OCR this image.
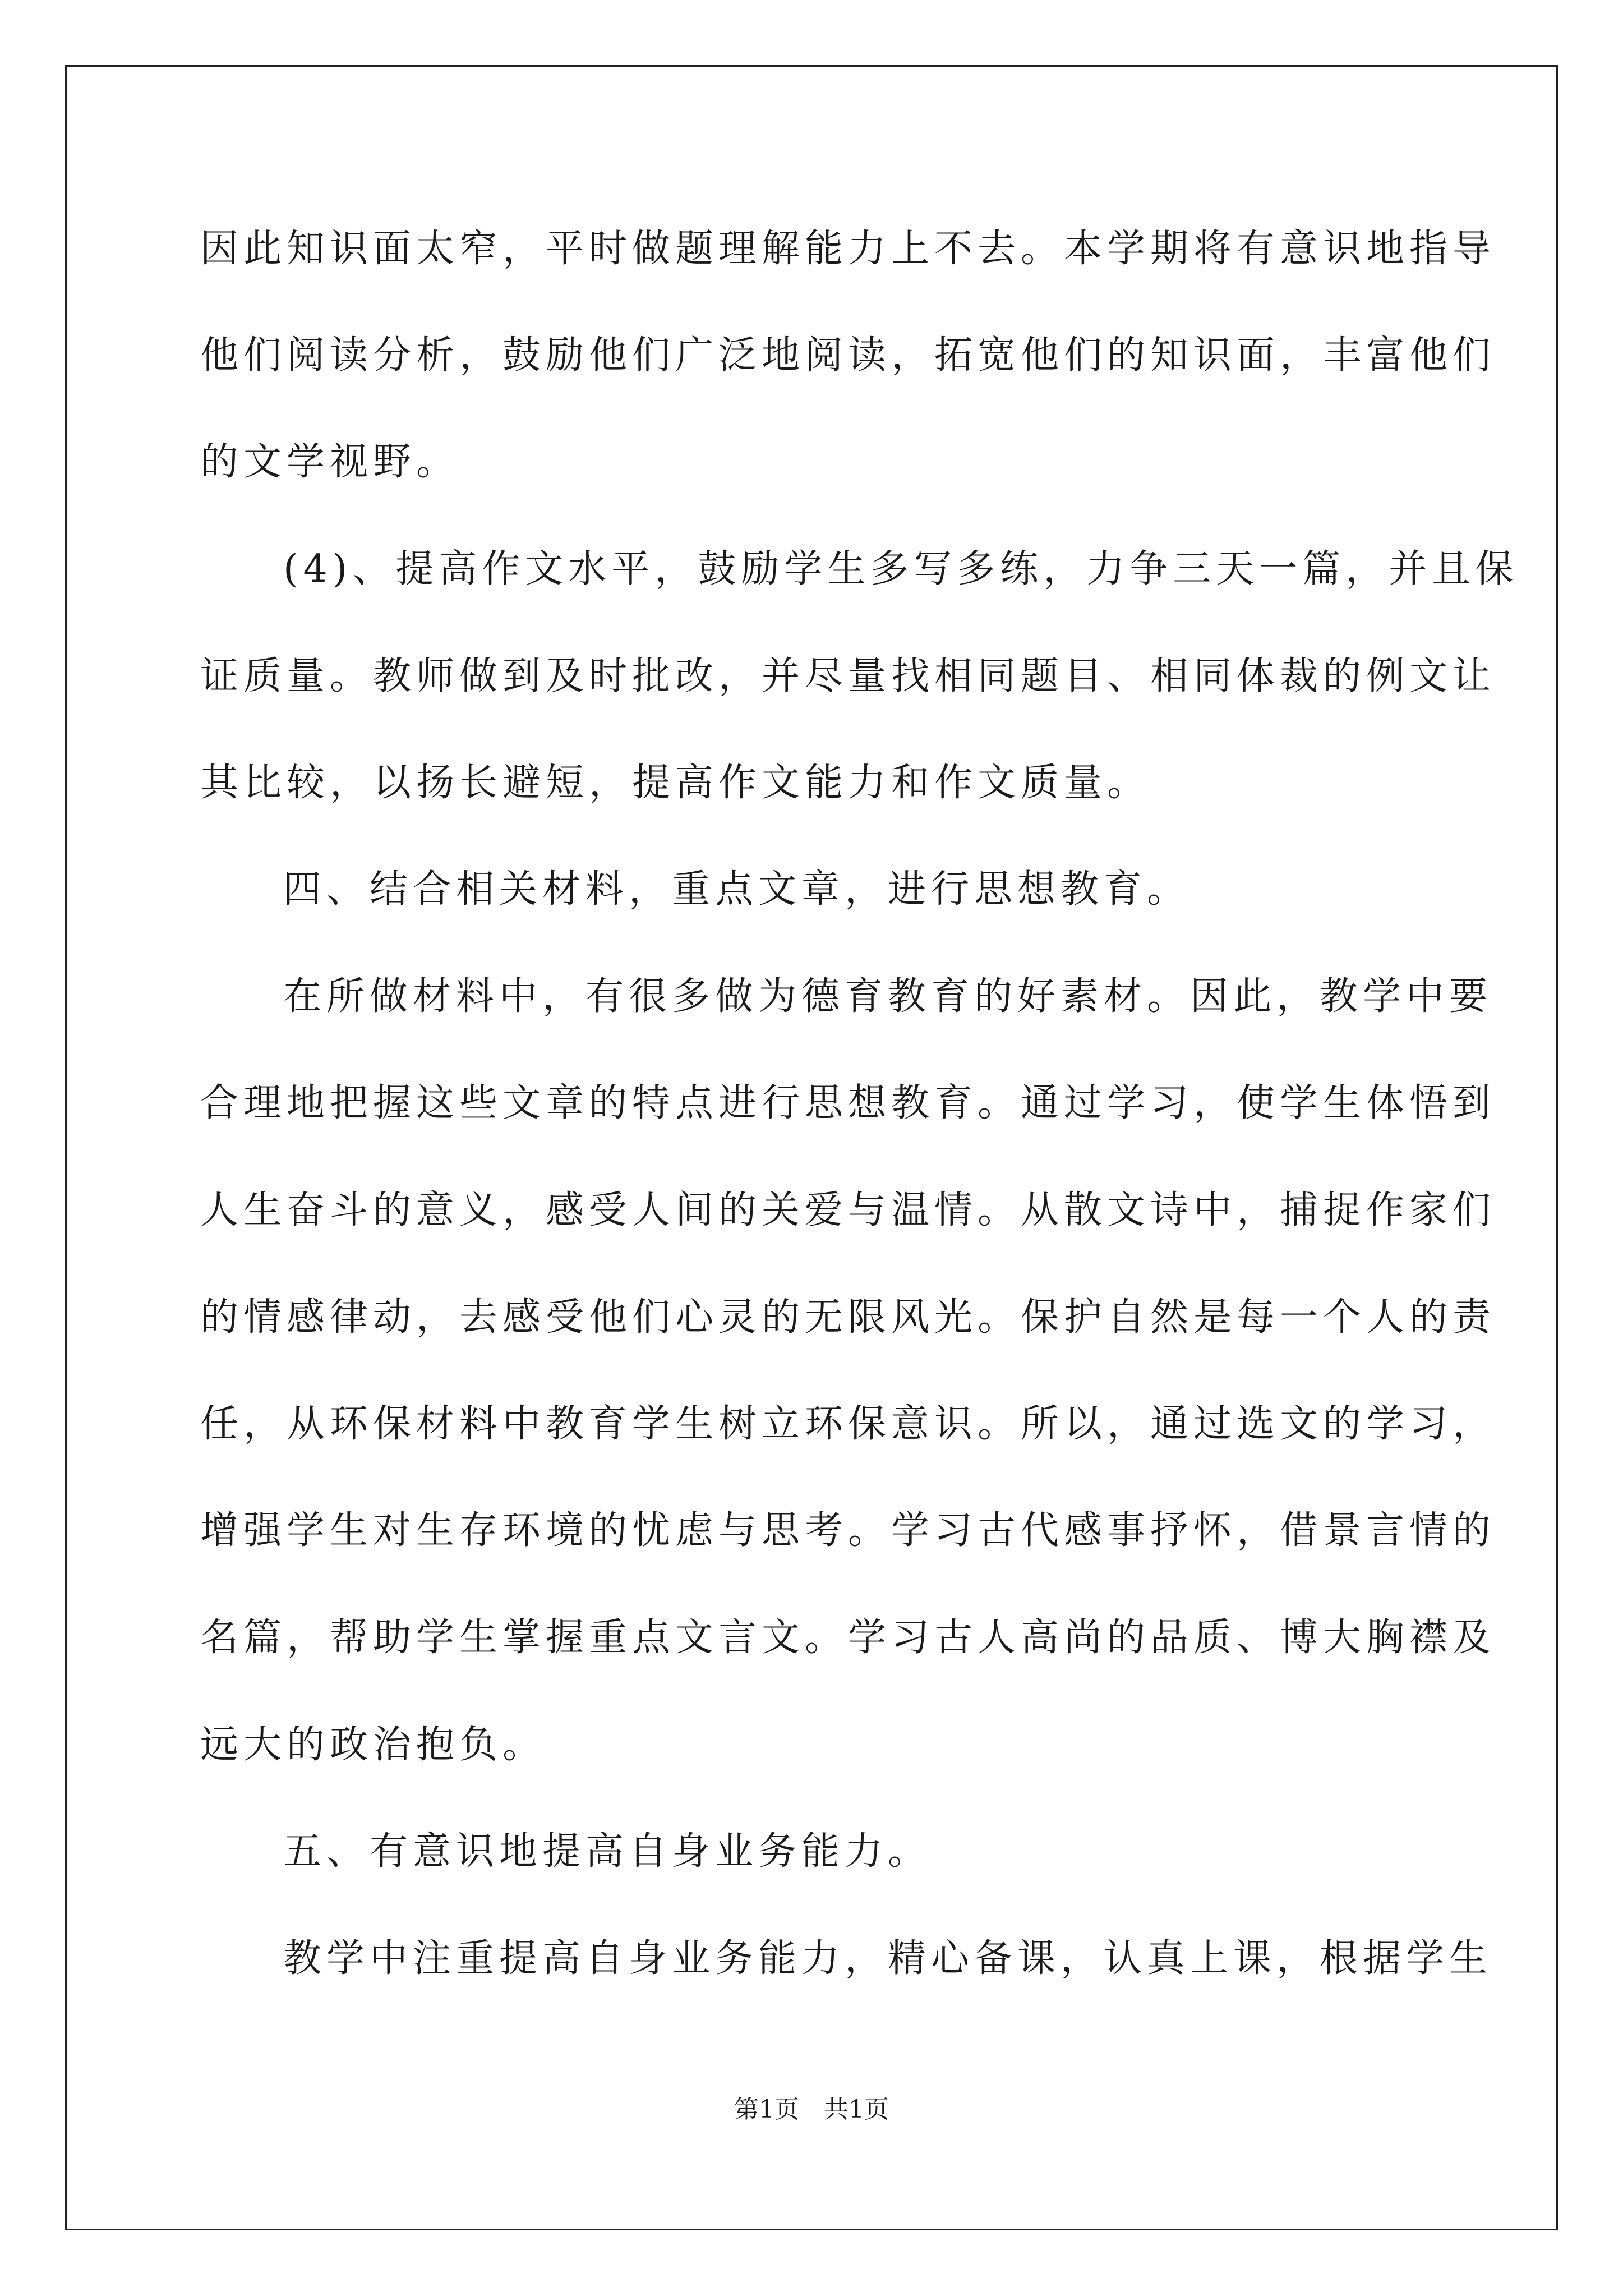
因此知识面太窄，平时做题理解能力上不去。本学期将有意识地指导
他们阅读分析，鼓励他们广泛地阅读，拓宽他们的知识面，丰富他们
的文学视野。
(4)、提高作文水平，鼓励学生多写多练，力争三天一篇，并且保
证质量。教师做到及时批改，并尽量找相同题目、相同体裁的例文让
其比较，以扬长避短，提高作文能力和作文质量。
四、结合相关材料，重点文章，进行思想教育。
在所做材料中，有很多做为德育教育的好素材。因此，教学中要
合理地把握这些文章的特点进行思想教育。通过学习，使学生体悟到
人生奋斗的意义，感受人间的关爱与温情。从散文诗中，捕捉作家们
的情感律动，去感受他们心灵的无限风光。保护自然是每一个人的责
任，从环保材料中教育学生树立环保意识。所以，通过选文的学习，
增强学生对生存环境的忧虑与思考。学习古代感事抒怀，借景言情的
名篇，帮助学生掌握重点文言文。学习古人高尚的品质、博大胸襟及
远大的政治抱负。
五、有意识地提高自身业务能力。
教学中注重提高自身业务能力，精心备课，认真上课，根据学生
第1页　共1页
